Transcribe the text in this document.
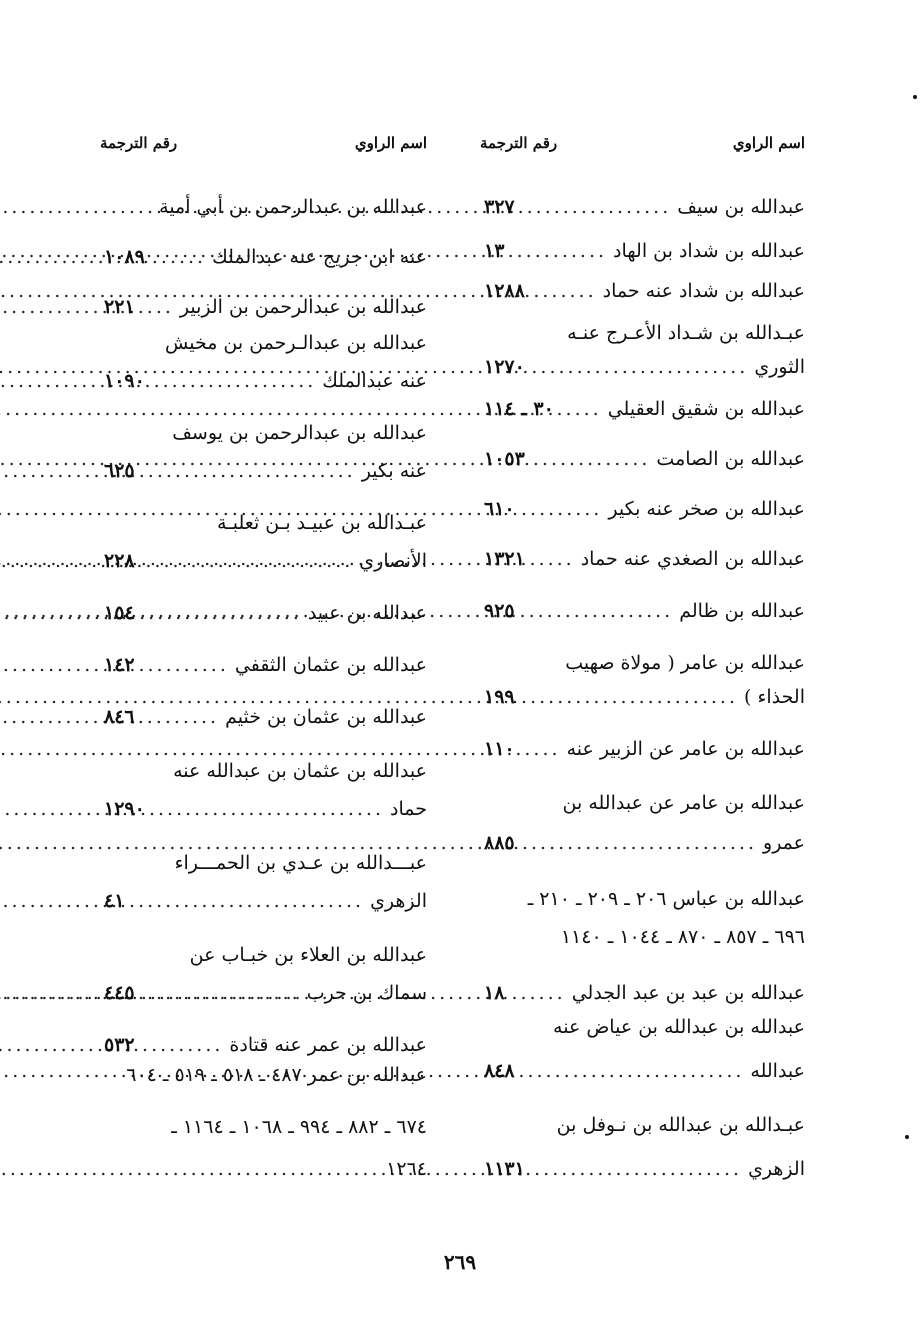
اسم الراوي
رقم الترجمة
عبدالله بن سيف
.....
٣٢٧
عبدالله بن شداد بن الهاد
.....
١٣
عبدالله بن شداد عنه حماد
.....
١٢٨٨
عبـدالله بن شـداد الأعـرج عنـه
الثوري
.....
١٢٧٠
عبدالله بن شقيق العقيلي
.....
٣٠ ـ ١١٤
عبدالله بن الصامت
.....
١٠٥٣
عبدالله بن صخر عنه بكير
.....
٦١٠
عبدالله بن الصغدي عنه حماد
.....
١٣٢١
عبدالله بن ظالم
.....
٩٢٥
عبدالله بن عامر ( مولاة صهيب
الحذاء )
.....
١٩٩
عبدالله بن عامر عن الزبير عنه
.....
١١٠
عبدالله بن عامر عن عبدالله بن
عمرو
.....
٨٨٥
عبدالله بن عباس ٢٠٦ ـ ٢٠٩ ـ ٢١٠ ـ
٦٩٦ ـ ٨٥٧ ـ ٨٧٠ ـ ١٠٤٤ ـ ١١٤٠
عبدالله بن عبد بن عبد الجدلي
.....
١٨
عبدالله بن عبدالله بن عياض عنه
عبدالله
.....
٨٤٨
عبـدالله بن عبدالله بن نـوفل بن
الزهري
.....
١١٣١
اسم الراوي
رقم الترجمة
عبدالله بن عبدالرحمن بن أبي أمية
عنه ابن جريج عنه عبدالملك
.....
١٠٨٩
عبدالله بن عبدالرحمن بن الزبير
.....
٢٢١
عبدالله بن عبدالـرحمن بن مخيش
عنه عبدالملك
.....
١٠٩٠
عبدالله بن عبدالرحمن بن يوسف
عنه بكير
.....
٦٢٥
عبـدالله بن عبيـد بـن ثعلبـة
الأنصاري
.....
٢٢٨
عبدالله بن عبيد
.....
١٥٤
عبدالله بن عثمان الثقفي
.....
١٤٢
عبدالله بن عثمان بن خثيم
.....
٨٤٦
عبدالله بن عثمان بن عبدالله عنه
حماد
.....
١٢٩٠
عبـــدالله بن عـدي بن الحمـــراء
الزهري
.....
٤١
عبدالله بن العلاء بن خبـاب عن
سماك بن حرب
.....
٤٤٥
عبدالله بن عمر عنه قتادة
.....
٥٣٢
عبدالله بن عمر ٤٨٧ ـ ٥١٨ ـ ٥١٩ ـ ٦٠٤
٦٧٤ ـ ٨٨٢ ـ ٩٩٤ ـ ١٠٦٨ ـ ١١٦٤ ـ
١٢٦٤
٢٦٩
